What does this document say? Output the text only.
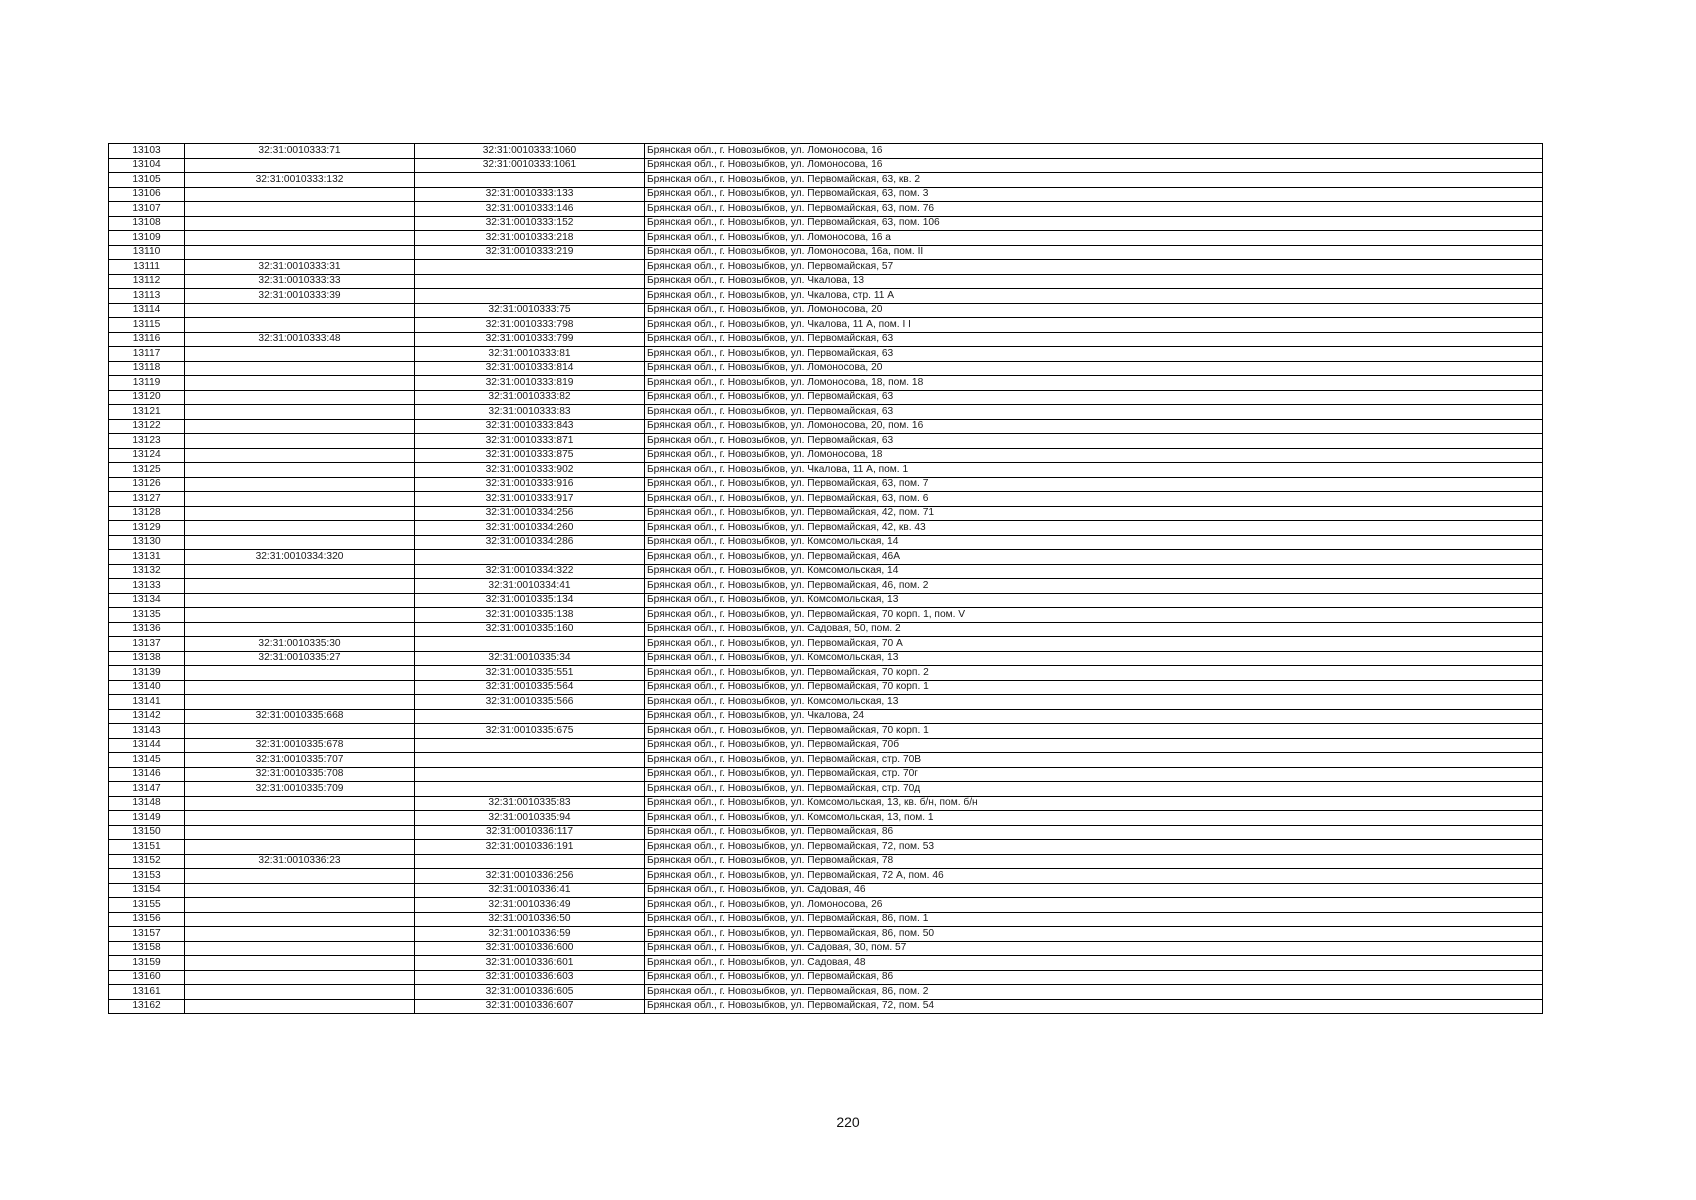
13103	32:31:0010333:71	32:31:0010333:1060	Брянская обл., г. Новозыбков, ул. Ломоносова, 16
13104		32:31:0010333:1061	Брянская обл., г. Новозыбков, ул. Ломоносова, 16
13105	32:31:0010333:132		Брянская обл., г. Новозыбков, ул. Первомайская, 63, кв. 2
13106		32:31:0010333:133	Брянская обл., г. Новозыбков, ул. Первомайская, 63, пом. 3
13107		32:31:0010333:146	Брянская обл., г. Новозыбков, ул. Первомайская, 63, пом. 76
13108		32:31:0010333:152	Брянская обл., г. Новозыбков, ул. Первомайская, 63, пом. 106
13109		32:31:0010333:218	Брянская обл., г. Новозыбков, ул. Ломоносова, 16 а
13110		32:31:0010333:219	Брянская обл., г. Новозыбков, ул. Ломоносова, 16а, пом. II
13111	32:31:0010333:31		Брянская обл., г. Новозыбков, ул. Первомайская, 57
13112	32:31:0010333:33		Брянская обл., г. Новозыбков, ул. Чкалова, 13
13113	32:31:0010333:39		Брянская обл., г. Новозыбков, ул. Чкалова, стр. 11 А
13114		32:31:0010333:75	Брянская обл., г. Новозыбков, ул. Ломоносова, 20
13115		32:31:0010333:798	Брянская обл., г. Новозыбков, ул. Чкалова, 11 А, пом. I I
13116	32:31:0010333:48	32:31:0010333:799	Брянская обл., г. Новозыбков, ул. Первомайская, 63
13117		32:31:0010333:81	Брянская обл., г. Новозыбков, ул. Первомайская, 63
13118		32:31:0010333:814	Брянская обл., г. Новозыбков, ул. Ломоносова, 20
13119		32:31:0010333:819	Брянская обл., г. Новозыбков, ул. Ломоносова, 18, пом. 18
13120		32:31:0010333:82	Брянская обл., г. Новозыбков, ул. Первомайская, 63
13121		32:31:0010333:83	Брянская обл., г. Новозыбков, ул. Первомайская, 63
13122		32:31:0010333:843	Брянская обл., г. Новозыбков, ул. Ломоносова, 20, пом. 16
13123		32:31:0010333:871	Брянская обл., г. Новозыбков, ул. Первомайская, 63
13124		32:31:0010333:875	Брянская обл., г. Новозыбков, ул. Ломоносова, 18
13125		32:31:0010333:902	Брянская обл., г. Новозыбков, ул. Чкалова, 11 А, пом. 1
13126		32:31:0010333:916	Брянская обл., г. Новозыбков, ул. Первомайская, 63, пом. 7
13127		32:31:0010333:917	Брянская обл., г. Новозыбков, ул. Первомайская, 63, пом. 6
13128		32:31:0010334:256	Брянская обл., г. Новозыбков, ул. Первомайская, 42, пом. 71
13129		32:31:0010334:260	Брянская обл., г. Новозыбков, ул. Первомайская, 42, кв. 43
13130		32:31:0010334:286	Брянская обл., г. Новозыбков, ул. Комсомольская, 14
13131	32:31:0010334:320		Брянская обл., г. Новозыбков, ул. Первомайская, 46А
13132		32:31:0010334:322	Брянская обл., г. Новозыбков, ул. Комсомольская, 14
13133		32:31:0010334:41	Брянская обл., г. Новозыбков, ул. Первомайская, 46, пом. 2
13134		32:31:0010335:134	Брянская обл., г. Новозыбков, ул. Комсомольская, 13
13135		32:31:0010335:138	Брянская обл., г. Новозыбков, ул. Первомайская, 70 корп. 1, пом. V
13136		32:31:0010335:160	Брянская обл., г. Новозыбков, ул. Садовая, 50, пом. 2
13137	32:31:0010335:30		Брянская обл., г. Новозыбков, ул. Первомайская, 70 А
13138	32:31:0010335:27	32:31:0010335:34	Брянская обл., г. Новозыбков, ул. Комсомольская, 13
13139		32:31:0010335:551	Брянская обл., г. Новозыбков, ул. Первомайская, 70 корп. 2
13140		32:31:0010335:564	Брянская обл., г. Новозыбков, ул. Первомайская, 70 корп. 1
13141		32:31:0010335:566	Брянская обл., г. Новозыбков, ул. Комсомольская, 13
13142	32:31:0010335:668		Брянская обл., г. Новозыбков, ул. Чкалова, 24
13143		32:31:0010335:675	Брянская обл., г. Новозыбков, ул. Первомайская, 70 корп. 1
13144	32:31:0010335:678		Брянская обл., г. Новозыбков, ул. Первомайская, 70б
13145	32:31:0010335:707		Брянская обл., г. Новозыбков, ул. Первомайская, стр. 70В
13146	32:31:0010335:708		Брянская обл., г. Новозыбков, ул. Первомайская, стр. 70г
13147	32:31:0010335:709		Брянская обл., г. Новозыбков, ул. Первомайская, стр. 70д
13148		32:31:0010335:83	Брянская обл., г. Новозыбков, ул. Комсомольская, 13, кв. б/н, пом. б/н
13149		32:31:0010335:94	Брянская обл., г. Новозыбков, ул. Комсомольская, 13, пом. 1
13150		32:31:0010336:117	Брянская обл., г. Новозыбков, ул. Первомайская, 86
13151		32:31:0010336:191	Брянская обл., г. Новозыбков, ул. Первомайская, 72, пом. 53
13152	32:31:0010336:23		Брянская обл., г. Новозыбков, ул. Первомайская, 78
13153		32:31:0010336:256	Брянская обл., г. Новозыбков, ул. Первомайская, 72 А, пом. 46
13154		32:31:0010336:41	Брянская обл., г. Новозыбков, ул. Садовая, 46
13155		32:31:0010336:49	Брянская обл., г. Новозыбков, ул. Ломоносова, 26
13156		32:31:0010336:50	Брянская обл., г. Новозыбков, ул. Первомайская, 86, пом. 1
13157		32:31:0010336:59	Брянская обл., г. Новозыбков, ул. Первомайская, 86, пом. 50
13158		32:31:0010336:600	Брянская обл., г. Новозыбков, ул. Садовая, 30, пом. 57
13159		32:31:0010336:601	Брянская обл., г. Новозыбков, ул. Садовая, 48
13160		32:31:0010336:603	Брянская обл., г. Новозыбков, ул. Первомайская, 86
13161		32:31:0010336:605	Брянская обл., г. Новозыбков, ул. Первомайская, 86, пом. 2
13162		32:31:0010336:607	Брянская обл., г. Новозыбков, ул. Первомайская, 72, пом. 54
220
